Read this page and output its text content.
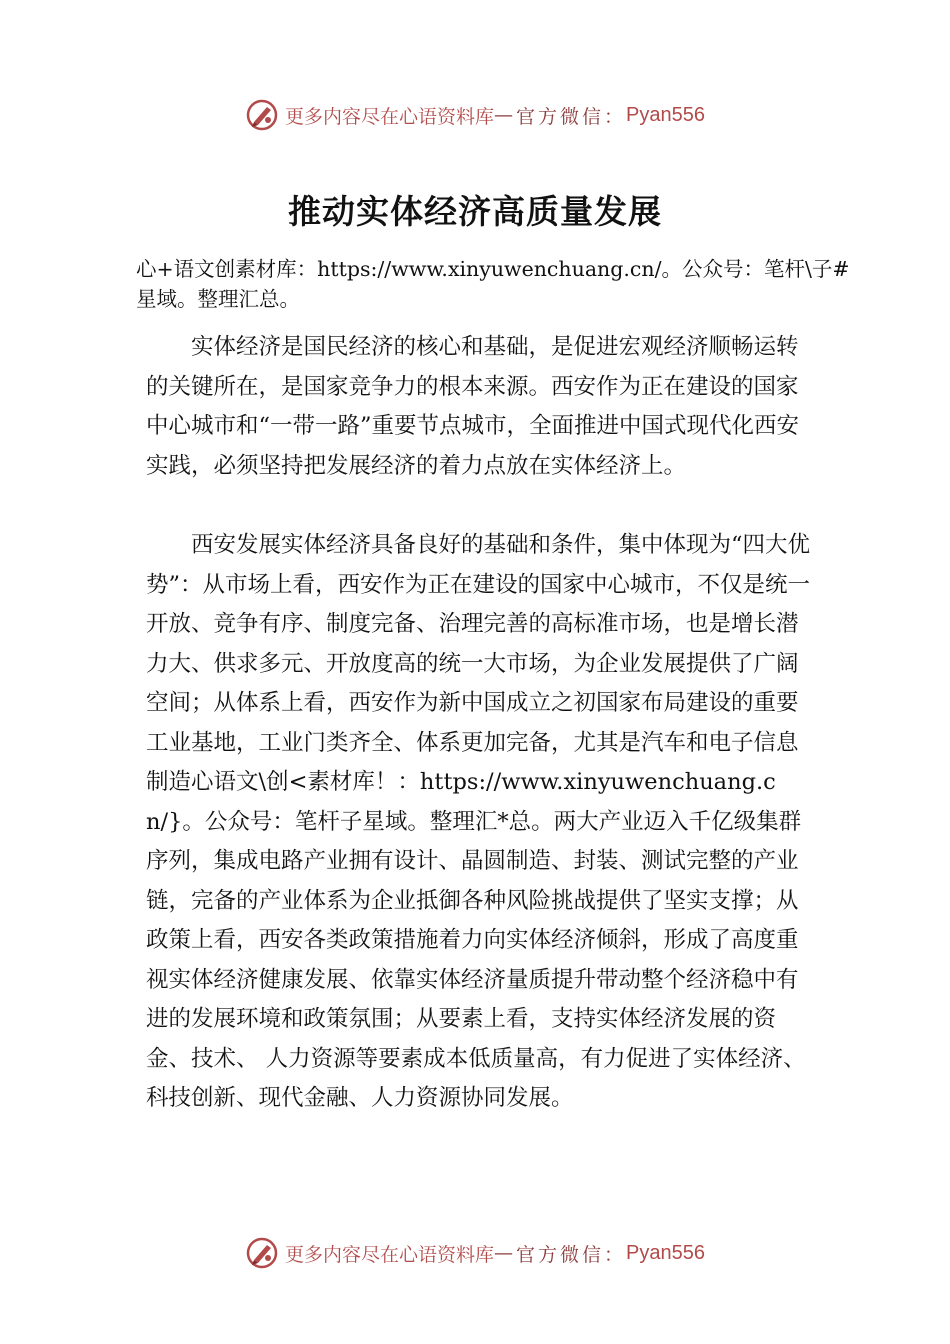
更多内容尽在心语资料库 — 官方微信： Pyan556
推动实体经济高质量发展
心+语文创素材库：https://www.xinyuwenchuang.cn/。公众号：笔杆\子#星域。整理汇总。

实体经济是国民经济的核心和基础，是促进宏观经济顺畅运转的关键所在，是国家竞争力的根本来源。西安作为正在建设的国家中心城市和“一带一路”重要节点城市，全面推进中国式现代化西安实践，必须坚持把发展经济的着力点放在实体经济上。

西安发展实体经济具备良好的基础和条件，集中体现为“四大优势”：从市场上看，西安作为正在建设的国家中心城市，不仅是统一开放、竞争有序、制度完备、治理完善的高标准市场，也是增长潜力大、供求多元、开放度高的统一大市场，为企业发展提供了广阔空间；从体系上看，西安作为新中国成立之初国家布局建设的重要工业基地，工业门类齐全、体系更加完备，尤其是汽车和电子信息制造心语文\创<素材库！：https://www.xinyuwenchuang.cn/}。公众号：笔杆子星域。整理汇*总。两大产业迈入千亿级集群序列，集成电路产业拥有设计、晶圆制造、封装、测试完整的产业链，完备的产业体系为企业抵御各种风险挑战提供了坚实支撑；从政策上看，西安各类政策措施着力向实体经济倾斜，形成了高度重视实体经济健康发展、依靠实体经济量质提升带动整个经济稳中有进的发展环境和政策氛围；从要素上看，支持实体经济发展的资金、技术、 人力资源等要素成本低质量高，有力促进了实体经济、科技创新、现代金融、人力资源协同发展。

更多内容尽在心语资料库 — 官方微信： Pyan556
